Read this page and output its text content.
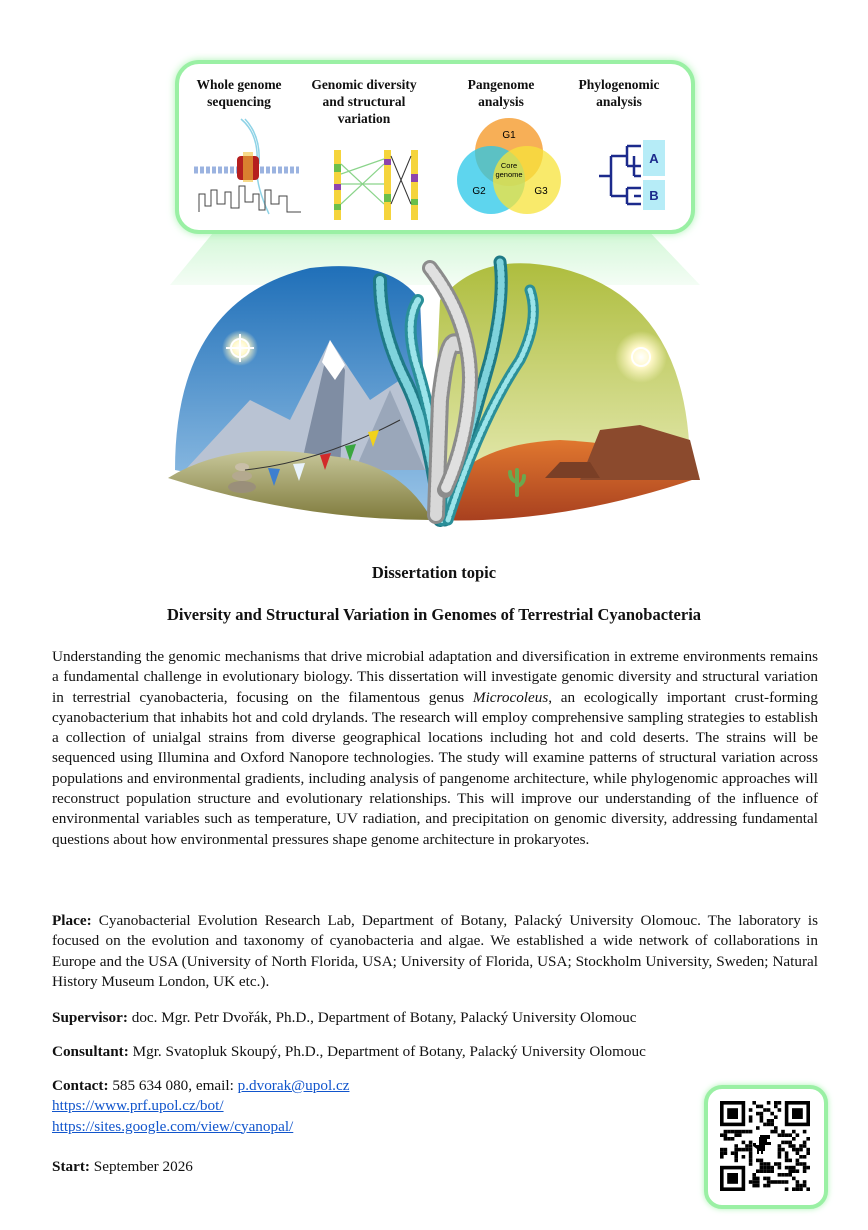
Whole genome
sequencing
Genomic diversity
and structural
variation
Pangenome
analysis
Phylogenomic
analysis
G1
G2	G3
Core
genome
A
B
Dissertation topic
Diversity and Structural Variation in Genomes of Terrestrial Cyanobacteria
Understanding the genomic mechanisms that drive microbial adaptation and diversification in extreme environments remains a fundamental challenge in evolutionary biology. This dissertation will investigate genomic diversity and structural variation in terrestrial cyanobacteria, focusing on the filamentous genus Microcoleus, an ecologically important crust-forming cyanobacterium that inhabits hot and cold drylands. The research will employ comprehensive sampling strategies to establish a collection of unialgal strains from diverse geographical locations including hot and cold deserts. The strains will be sequenced using Illumina and Oxford Nanopore technologies. The study will examine patterns of structural variation across populations and environmental gradients, including analysis of pangenome architecture, while phylogenomic approaches will reconstruct population structure and evolutionary relationships. This will improve our understanding of the influence of environmental variables such as temperature, UV radiation, and precipitation on genomic diversity, addressing fundamental questions about how environmental pressures shape genome architecture in prokaryotes.
Place: Cyanobacterial Evolution Research Lab, Department of Botany, Palacký University Olomouc. The laboratory is focused on the evolution and taxonomy of cyanobacteria and algae. We established a wide network of collaborations in Europe and the USA (University of North Florida, USA; University of Florida, USA; Stockholm University, Sweden; Natural History Museum London, UK etc.).
Supervisor: doc. Mgr. Petr Dvořák, Ph.D., Department of Botany, Palacký University Olomouc
Consultant: Mgr. Svatopluk Skoupý, Ph.D., Department of Botany, Palacký University Olomouc
Contact: 585 634 080, email: p.dvorak@upol.cz
https://www.prf.upol.cz/bot/
https://sites.google.com/view/cyanopal/
Start: September 2026
